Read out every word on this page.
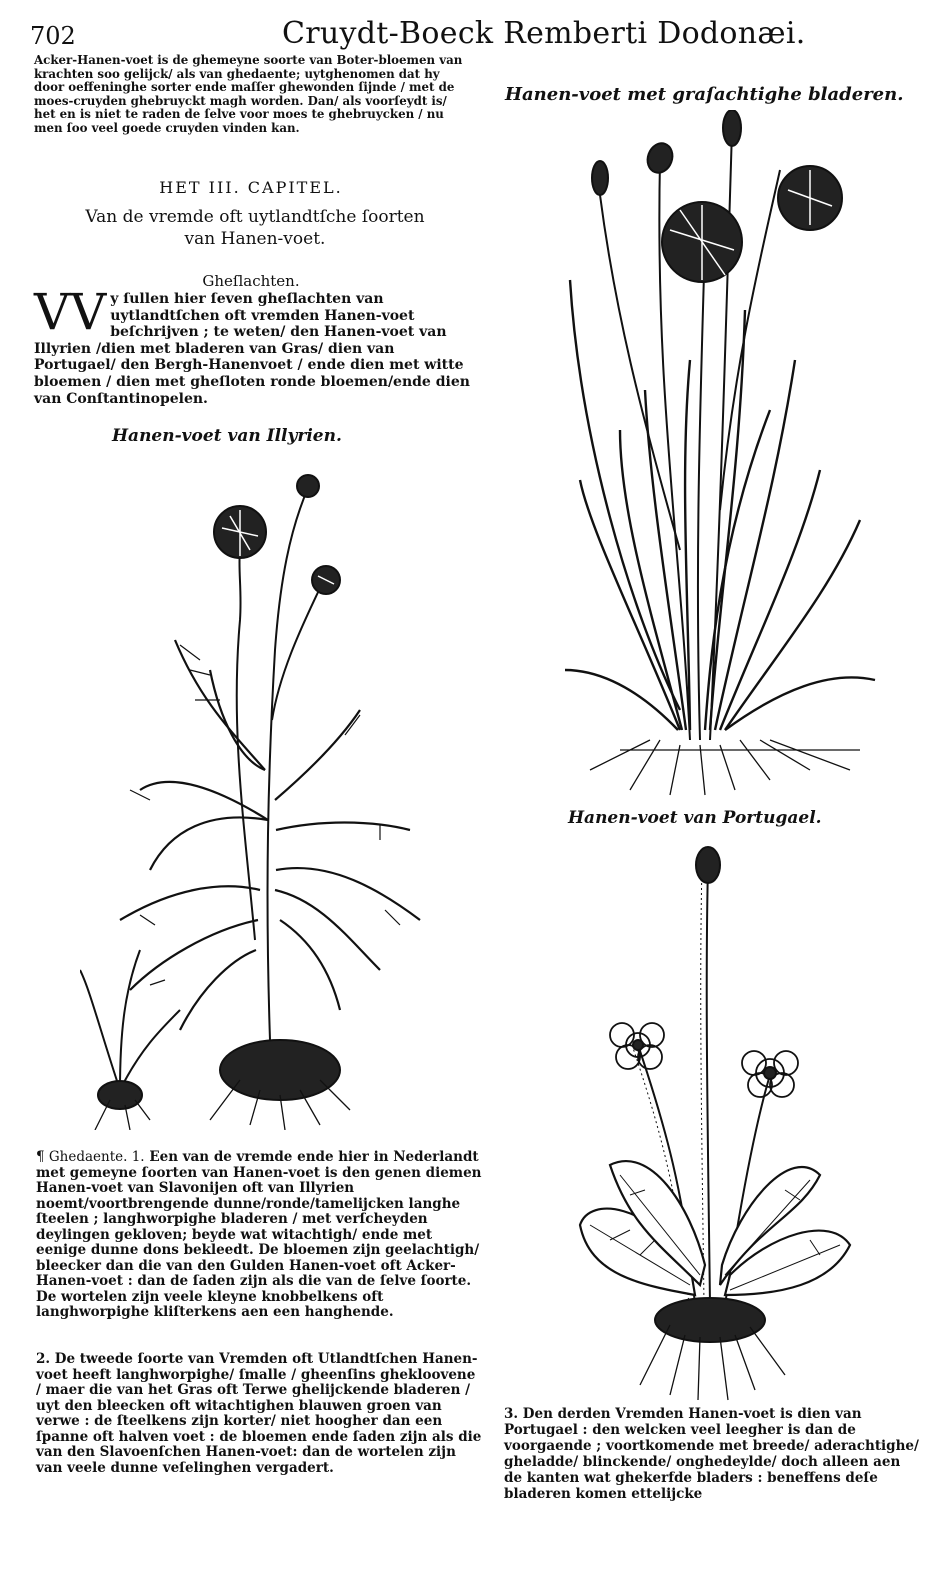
702	Cruydt-Boeck Remberti Dodonæi.
Acker-Hanen-voet is de ghemeyne soorte van Boter-bloemen van krachten soo gelijck/ als van ghedaente; uytghenomen dat hy door oeffeninghe sorter ende maſſer ghewonden ſijnde / met de moes-cruyden ghebruyckt magh worden. Dan/ als voorſeydt is/ het en is niet te raden de ſelve voor moes te ghebruycken / nu men ſoo veel goede cruyden vinden kan.
HET III. CAPITEL.
Van de vremde oft uytlandtſche ſoorten
van Hanen-voet.
Gheſlachten.
VV y ſullen hier ſeven gheſlachten van uytlandtſchen oft vremden Hanen-voet beſchrijven ; te weten/ den Hanen-voet van Illyrien /dien met bladeren van Gras/ dien van Portugael/ den Bergh-Hanenvoet / ende dien met witte bloemen / dien met gheſloten ronde bloemen/ende dien van Conſtantinopelen.
Hanen-voet van Illyrien.
Hanen-voet met graſachtighe bladeren.
Hanen-voet van Portugael.
¶ Ghedaente. 1. Een van de vremde ende hier in Nederlandt met gemeyne ſoorten van Hanen-voet is den genen diemen Hanen-voet van Slavonijen oft van Illyrien noemt/voortbrengende dunne/ronde/tamelijcken langhe ſteelen ; langhworpighe bladeren / met verſcheyden deylingen gekloven; beyde wat witachtigh/ ende met eenige dunne dons bekleedt. De bloemen zijn geelachtigh/ bleecker dan die van den Gulden Hanen-voet oft Acker-Hanen-voet : dan de ſaden zijn als die van de ſelve ſoorte. De wortelen zijn veele kleyne knobbelkens oft langhworpighe kliſterkens aen een hanghende.
2. De tweede ſoorte van Vremden oft Utlandtſchen Hanen-voet heeft langhworpighe/ ſmalle / gheenſins ghekloovene / maer die van het Gras oft Terwe ghelijckende bladeren / uyt den bleecken oft witachtighen blauwen groen van verwe : de ſteelkens zijn korter/ niet hoogher dan een ſpanne oft halven voet : de bloemen ende ſaden zijn als die van den Slavoenſchen Hanen-voet: dan de wortelen zijn van veele dunne veſelinghen vergadert.
3. Den derden Vremden Hanen-voet is dien van Portugael : den welcken veel leegher is dan de voorgaende ; voortkomende met breede/ aderachtighe/ gheladde/ blinckende/ onghedeylde/ doch alleen aen de kanten wat ghekerfde bladers : beneffens deſe bladeren komen ettelijcke
